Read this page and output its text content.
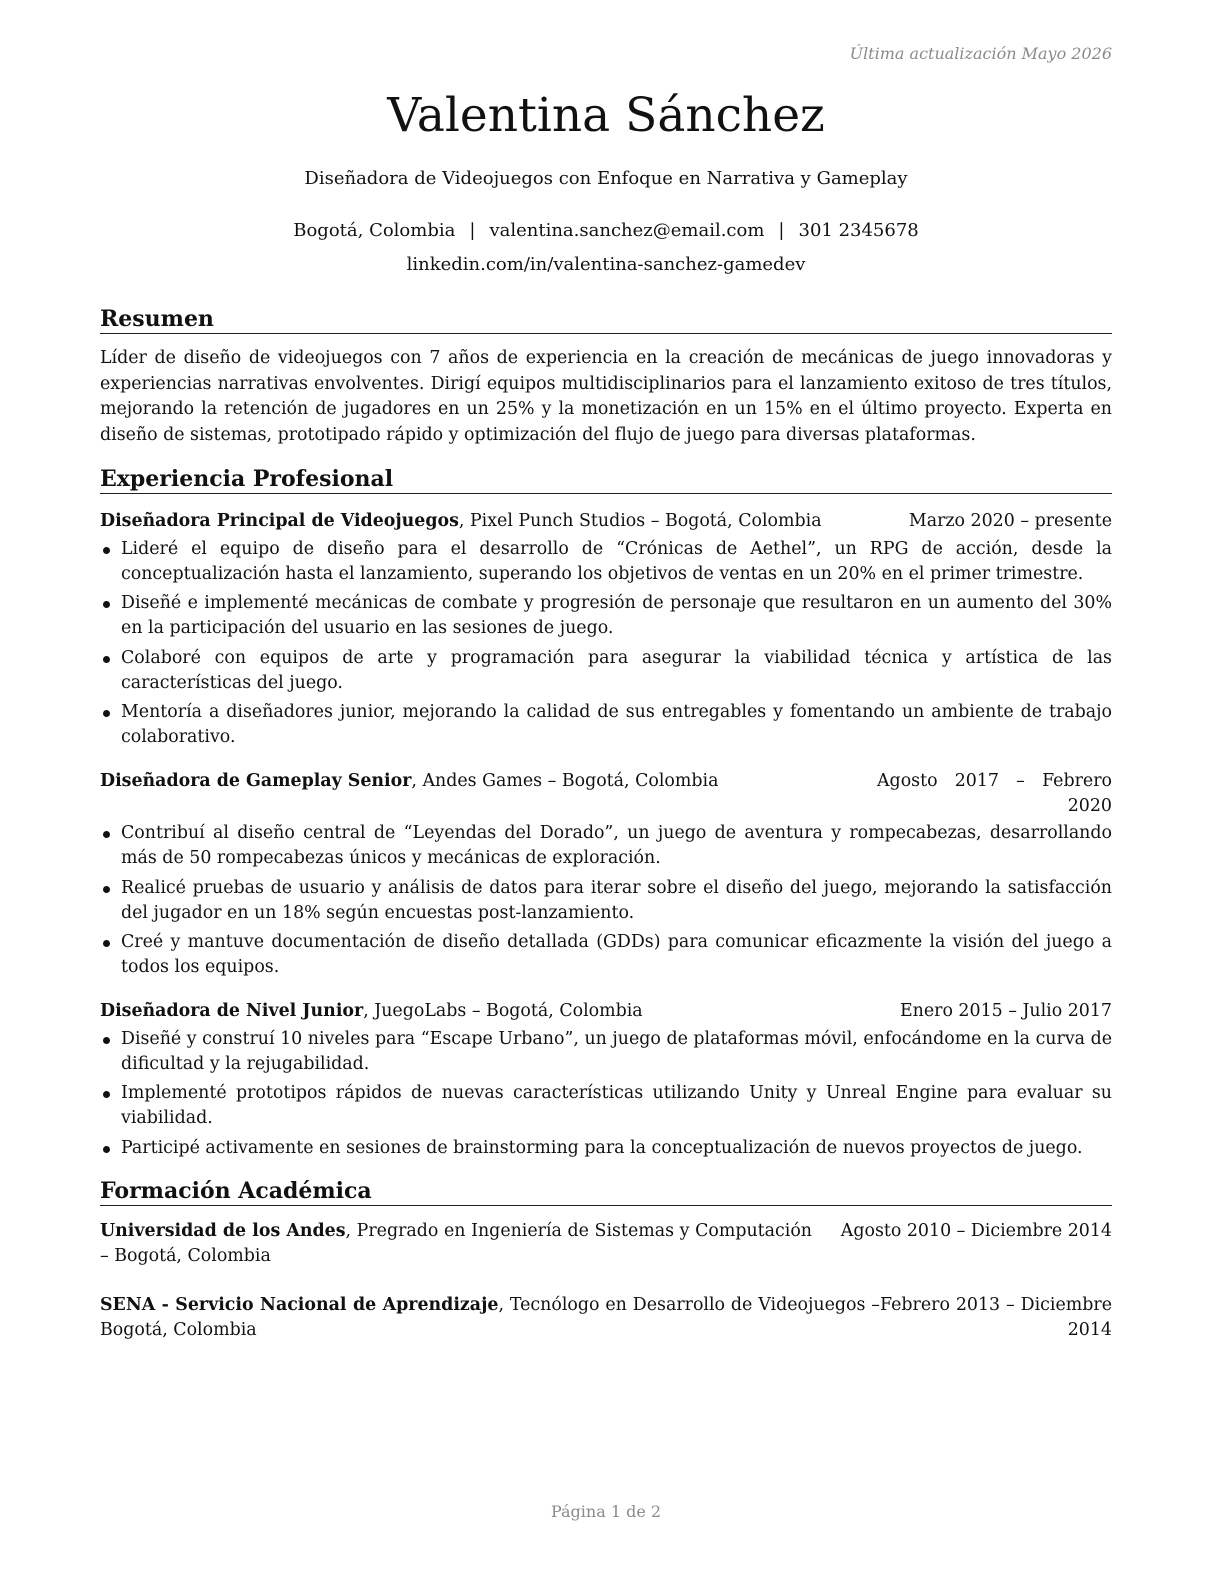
Última actualización Mayo 2026
Valentina Sánchez
Diseñadora de Videojuegos con Enfoque en Narrativa y Gameplay
Bogotá, Colombia | valentina.sanchez@email.com | 301 2345678
linkedin.com/in/valentina-sanchez-gamedev
Resumen

Líder de diseño de videojuegos con 7 años de experiencia en la creación de mecánicas de juego innovadoras y experiencias narrativas envolventes. Dirigí equipos multidisciplinarios para el lanzamiento exitoso de tres títulos, mejorando la retención de jugadores en un 25% y la monetización en un 15% en el último proyecto. Experta en diseño de sistemas, prototipado rápido y optimización del flujo de juego para diversas plataformas.

Experiencia Profesional
Diseñadora Principal de Videojuegos, Pixel Punch Studios – Bogotá, Colombia	Marzo 2020 – presente
Lideré el equipo de diseño para el desarrollo de “Crónicas de Aethel”, un RPG de acción, desde la conceptualización hasta el lanzamiento, superando los objetivos de ventas en un 20% en el primer trimestre.
Diseñé e implementé mecánicas de combate y progresión de personaje que resultaron en un aumento del 30% en la participación del usuario en las sesiones de juego.
Colaboré con equipos de arte y programación para asegurar la viabilidad técnica y artística de las características del juego.
Mentoría a diseñadores junior, mejorando la calidad de sus entregables y fomentando un ambiente de trabajo colaborativo.
Diseñadora de Gameplay Senior, Andes Games – Bogotá, Colombia	Agosto 2017 – Febrero 2020
Contribuí al diseño central de “Leyendas del Dorado”, un juego de aventura y rompecabezas, desarrollando más de 50 rompecabezas únicos y mecánicas de exploración.
Realicé pruebas de usuario y análisis de datos para iterar sobre el diseño del juego, mejorando la satisfacción del jugador en un 18% según encuestas post-lanzamiento.
Creé y mantuve documentación de diseño detallada (GDDs) para comunicar eficazmente la visión del juego a todos los equipos.
Diseñadora de Nivel Junior, JuegoLabs – Bogotá, Colombia	Enero 2015 – Julio 2017
Diseñé y construí 10 niveles para “Escape Urbano”, un juego de plataformas móvil, enfocándome en la curva de dificultad y la rejugabilidad.
Implementé prototipos rápidos de nuevas características utilizando Unity y Unreal Engine para evaluar su viabilidad.
Participé activamente en sesiones de brainstorming para la conceptualización de nuevos proyectos de juego.
Formación Académica
Universidad de los Andes, Pregrado en Ingeniería de Sistemas y Computación – Bogotá, Colombia
Agosto 2010 – Diciembre 2014
SENA - Servicio Nacional de Aprendizaje, Tecnólogo en Desarrollo de Videojuegos – Bogotá, Colombia
Febrero 2013 – Diciembre 2014
Página 1 de 2
